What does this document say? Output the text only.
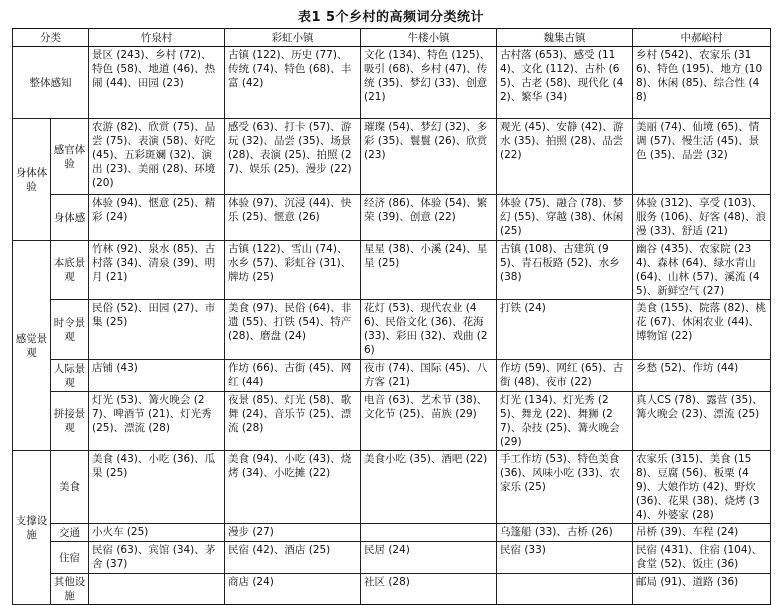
表1 5个乡村的高频词分类统计
分类		竹泉村	彩虹小镇	牛楼小镇	魏集古镇	中郝峪村
整体感知		景区 (243)、乡村 (72)、特色 (58)、地道 (46)、热闹 (44)、田园 (23)	古镇 (122)、历史 (77)、传统 (74)、特色 (68)、丰富 (42)	文化 (134)、特色 (125)、吸引 (68)、乡村 (47)、传统 (35)、梦幻 (33)、创意 (21)	古村落 (653)、感受 (114)、文化 (112)、古朴 (65)、古老 (58)、现代化 (42)、繁华 (34)	乡村 (542)、农家乐 (316)、特色 (195)、地方 (108)、休闲 (85)、综合性 (48)
身体体验	感官体验	农游 (82)、欣赏 (75)、品尝 (75)、表演 (58)、好吃 (45)、五彩斑斓 (32)、演出 (23)、美丽 (28)、环境 (20)	感受 (63)、打卡 (57)、游玩 (32)、品尝 (35)、场景 (28)、表演 (25)、拍照 (27)、娱乐 (25)、漫步 (22)	璀璨 (54)、梦幻 (32)、多彩 (35)、鬟鬟 (26)、欣赏 (23)	观光 (45)、安静 (42)、游水 (35)、拍照 (28)、品尝 (22)	美丽 (74)、仙境 (65)、情调 (57)、慢生活 (45)、景色 (35)、品尝 (32)
	身体感	体验 (94)、惬意 (25)、精彩 (24)	体验 (97)、沉浸 (44)、快乐 (25)、惬意 (26)	经济 (86)、体验 (54)、繁荣 (39)、创意 (22)	体验 (75)、融合 (78)、梦幻 (55)、穿越 (38)、休闲 (25)	体验 (312)、享受 (103)、服务 (106)、好客 (48)、浪漫 (33)、舒适 (21)
感觉景观	本底景观	竹林 (92)、泉水 (85)、古村落 (34)、清泉 (39)、明月 (21)	古镇 (122)、雪山 (74)、水乡 (57)、彩虹谷 (31)、牌坊 (25)	星星 (38)、小溪 (24)、星星 (25)	古镇 (108)、古建筑 (95)、青石板路 (52)、水乡 (38)	幽谷 (435)、农家院 (234)、森林 (64)、绿水青山 (64)、山林 (57)、溪流 (45)、新鲜空气 (27)
	时令景观	民俗 (52)、田园 (27)、市集 (25)	美食 (97)、民俗 (64)、非遗 (55)、打铁 (54)、特产 (28)、磨盘 (24)	花灯 (53)、现代农业 (46)、民俗文化 (36)、花海 (33)、彩田 (32)、戏曲 (26)	打铁 (24)	美食 (155)、院落 (82)、桃花 (67)、休闲农业 (44)、博物馆 (22)
	人际景观	店铺 (43)	作坊 (66)、古街 (45)、网红 (44)	夜市 (74)、国际 (45)、八方客 (21)	作坊 (59)、网红 (65)、古街 (48)、夜市 (22)	乡愁 (52)、作坊 (44)
	拼接景观	灯光 (53)、篝火晚会 (27)、啤酒节 (21)、灯光秀 (25)、漂流 (28)	夜景 (85)、灯光 (58)、歌舞 (24)、音乐节 (25)、漂流 (28)	电音 (63)、艺术节 (38)、文化节 (25)、苗族 (29)	灯光 (134)、灯光秀 (25)、舞龙 (22)、舞狮 (27)、杂技 (25)、篝火晚会 (29)	真人CS (78)、露营 (35)、篝火晚会 (23)、漂流 (25)
支撑设施	美食	美食 (43)、小吃 (36)、瓜果 (25)	美食 (94)、小吃 (43)、烧烤 (34)、小吃摊 (22)	美食小吃 (35)、酒吧 (22)	手工作坊 (53)、特色美食 (36)、风味小吃 (33)、农家乐 (25)	农家乐 (315)、美食 (158)、豆腐 (56)、板栗 (49)、大娘作坊 (42)、野炊 (36)、花果 (38)、烧烤 (34)、外婆家 (28)
	交通	小火车 (25)	漫步 (27)		乌篷船 (33)、古桥 (26)	吊桥 (39)、车程 (24)
	住宿	民宿 (63)、宾馆 (34)、茅舍 (37)	民宿 (42)、酒店 (25)	民居 (24)	民宿 (33)	民宿 (431)、住宿 (104)、食堂 (52)、饭庄 (36)
	其他设施		商店 (24)	社区 (28)		邮局 (91)、道路 (36)
